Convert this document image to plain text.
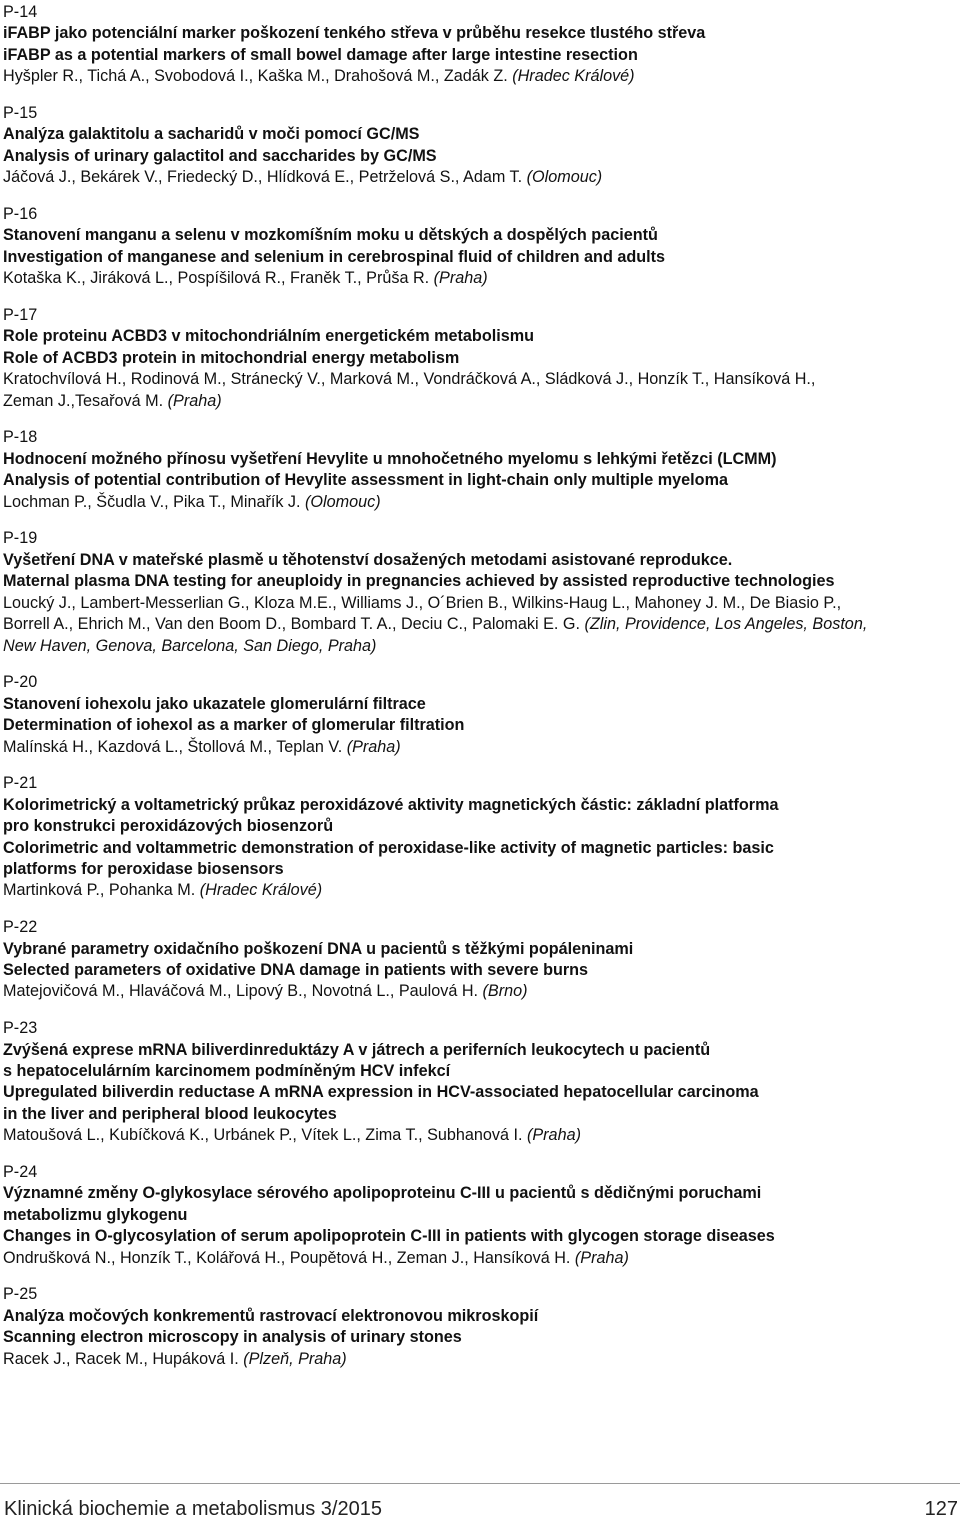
P-14
iFABP jako potenciální marker poškození tenkého střeva v průběhu resekce tlustého střeva
iFABP as a potential markers of small bowel damage after large intestine resection
Hyšpler R., Tichá A., Svobodová I., Kaška M., Drahošová M., Zadák Z. (Hradec Králové)
P-15
Analýza galaktitolu a sacharidů v moči pomocí GC/MS
Analysis of urinary galactitol and saccharides by GC/MS
Jáčová J., Bekárek V., Friedecký D., Hlídková E., Petrželová S., Adam T. (Olomouc)
P-16
Stanovení manganu a selenu v mozkomíšním moku u dětských a dospělých pacientů
Investigation of manganese and selenium in cerebrospinal fluid of children and adults
Kotaška K., Jiráková L., Pospíšilová R., Franěk T., Průša R. (Praha)
P-17
Role proteinu ACBD3 v mitochondriálním energetickém metabolismu
Role of ACBD3 protein in mitochondrial energy metabolism
Kratochvílová H., Rodinová M., Stránecký V., Marková M., Vondráčková A., Sládková J., Honzík T., Hansíková H.,
Zeman J.,Tesařová M. (Praha)
P-18
Hodnocení možného přínosu vyšetření Hevylite u mnohočetného myelomu s lehkými řetězci (LCMM)
Analysis of potential contribution of Hevylite assessment in light-chain only multiple myeloma
Lochman P., Ščudla V., Pika T., Minařík J. (Olomouc)
P-19
Vyšetření DNA v mateřské plasmě u těhotenství dosažených metodami asistované reprodukce.
Maternal plasma DNA testing for aneuploidy in pregnancies achieved by assisted reproductive technologies
Loucký J., Lambert-Messerlian G., Kloza M.E., Williams J., O´Brien B., Wilkins-Haug L., Mahoney J. M., De Biasio P.,
Borrell A., Ehrich M., Van den Boom D., Bombard T. A., Deciu C., Palomaki E. G. (Zlin, Providence, Los Angeles, Boston,
New Haven, Genova, Barcelona, San Diego, Praha)
P-20
Stanovení iohexolu jako ukazatele glomerulární filtrace
Determination of iohexol as a marker of glomerular filtration
Malínská H., Kazdová L., Štollová M., Teplan V. (Praha)
P-21
Kolorimetrický a voltametrický průkaz peroxidázové aktivity magnetických částic: základní platforma
pro konstrukci peroxidázových biosenzorů
Colorimetric and voltammetric demonstration of peroxidase-like activity of magnetic particles: basic
platforms for peroxidase biosensors
Martinková P., Pohanka M. (Hradec Králové)
P-22
Vybrané parametry oxidačního poškození DNA u pacientů s těžkými popáleninami
Selected parameters of oxidative DNA damage in patients with severe burns
Matejovičová M., Hlaváčová M., Lipový B., Novotná L., Paulová H. (Brno)
P-23
Zvýšená exprese mRNA biliverdinreduktázy A v játrech a periferních leukocytech u pacientů
s hepatocelulárním karcinomem podmíněným HCV infekcí
Upregulated biliverdin reductase A mRNA expression in HCV-associated hepatocellular carcinoma
in the liver and peripheral blood leukocytes
Matoušová L., Kubíčková K., Urbánek P., Vítek L., Zima T., Subhanová I. (Praha)
P-24
Významné změny O-glykosylace sérového apolipoproteinu C-III u pacientů s dědičnými poruchami
metabolizmu glykogenu
Changes in O-glycosylation of serum apolipoprotein C-III in patients with glycogen storage diseases
Ondrušková N., Honzík T., Kolářová H., Poupětová H., Zeman J., Hansíková H. (Praha)
P-25
Analýza močových konkrementů rastrovací elektronovou mikroskopií
Scanning electron microscopy in analysis of urinary stones
Racek J., Racek M., Hupáková I. (Plzeň, Praha)
Klinická biochemie a metabolismus 3/2015	127
